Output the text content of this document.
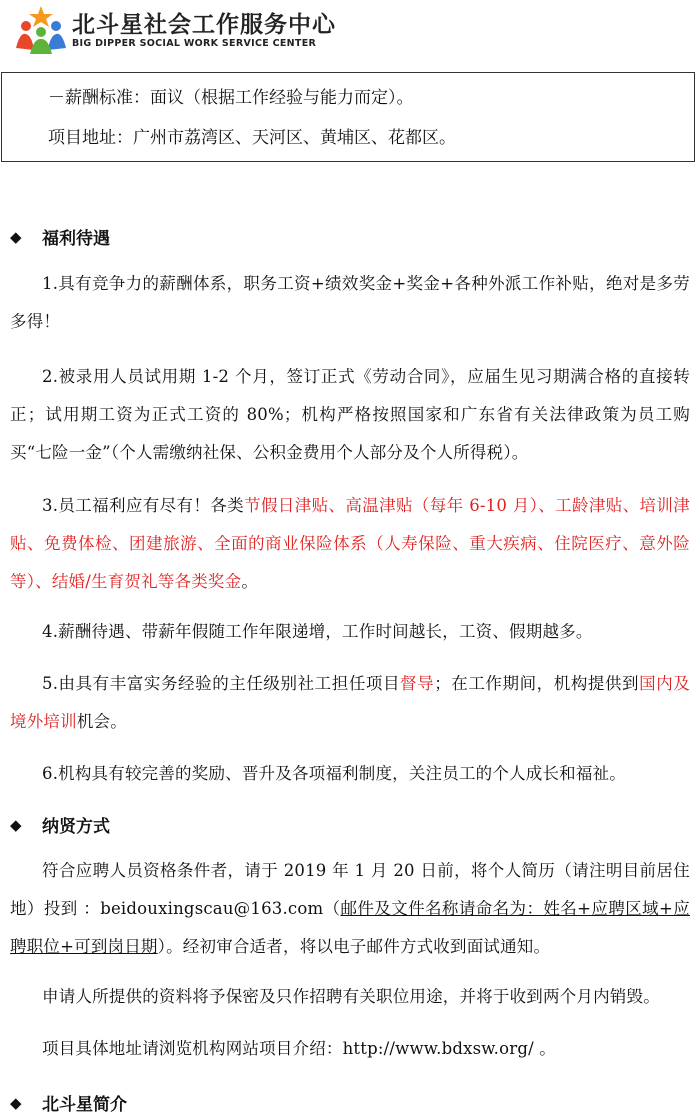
北斗星社会工作服务中心
BIG DIPPER SOCIAL WORK SERVICE CENTER
－薪酬标准：面议（根据工作经验与能力而定）。
项目地址：广州市荔湾区、天河区、黄埔区、花都区。
◆	福利待遇
1.具有竞争力的薪酬体系，职务工资+绩效奖金+奖金+各种外派工作补贴，绝对是多劳多得！
2.被录用人员试用期 1-2 个月，签订正式《劳动合同》，应届生见习期满合格的直接转正；试用期工资为正式工资的 80%；机构严格按照国家和广东省有关法律政策为员工购买“七险一金”（个人需缴纳社保、公积金费用个人部分及个人所得税）。
3.员工福利应有尽有！各类节假日津贴、高温津贴（每年 6-10 月）、工龄津贴、培训津贴、免费体检、团建旅游、全面的商业保险体系（人寿保险、重大疾病、住院医疗、意外险等）、结婚/生育贺礼等各类奖金。
4.薪酬待遇、带薪年假随工作年限递增，工作时间越长，工资、假期越多。
5.由具有丰富实务经验的主任级别社工担任项目督导；在工作期间，机构提供到国内及境外培训机会。
6.机构具有较完善的奖励、晋升及各项福利制度，关注员工的个人成长和福祉。
◆	纳贤方式
符合应聘人员资格条件者，请于 2019 年 1 月 20 日前，将个人简历（请注明目前居住地）投到 ：beidouxingscau@163.com（邮件及文件名称请命名为：姓名+应聘区域+应聘职位+可到岗日期）。经初审合适者，将以电子邮件方式收到面试通知。
申请人所提供的资料将予保密及只作招聘有关职位用途，并将于收到两个月内销毁。
项目具体地址请浏览机构网站项目介绍：http://www.bdxsw.org/ 。
◆	北斗星简介
